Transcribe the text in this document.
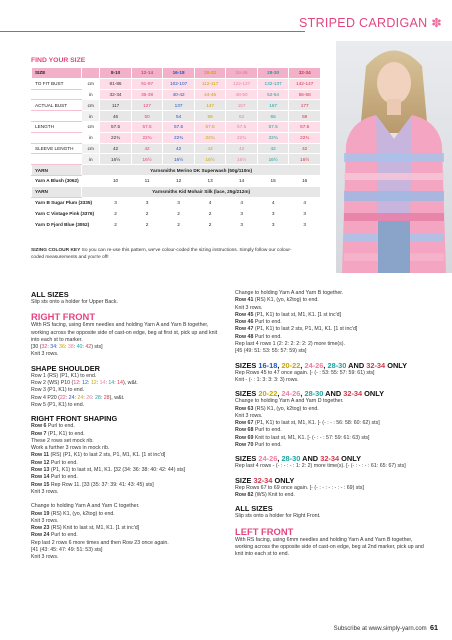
STRIPED CARDIGAN ✽
FIND YOUR SIZE
SIZE		8-10	12-14	16-18	20-22	24-26	28-30	32-34
TO FIT BUST	cm	81-86	91-97	102-107	112-117	122-127	132-137	142-147
	in	32-34	36-38	40-42	44-46	48-50	52-54	56-58
ACTUAL BUST	cm	117	127	137	147	157	167	177
	in	46	50	54	58	62	65	69
LENGTH	cm	57.5	57.5	57.5	57.5	57.5	57.5	57.5
	in	22¾	22¾	22¾	22¾	22¾	22¾	22¾
SLEEVE LENGTH	cm	42	42	42	42	42	42	42
	in	16½	16½	16½	16½	16½	16½	16½
YARN	Yarnsmiths Merino DK Superwash (50g/110m)							
Yarn A Blush (3062)		10	11	12	13	14	15	16
YARN	Yarnsmiths Kid Mohair Silk (lace, 25g/212m)							
Yarn B Sugar Plum (3335)		3	3	3	4	4	4	4
Yarn C Vintage Pink (3376)		2	2	2	2	3	3	3
Yarn D Fjord Blue (3052)		2	2	2	2	3	3	3
SIZING COLOUR KEY So you can re-use this pattern, we've colour-coded the sizing instructions. Simply follow our colour-coded measurements and you're off!
ALL SIZES

Slip sts onto a holder for Upper Back.

RIGHT FRONT

With RS facing, using 6mm needles and holding Yarn A and Yarn B together, working across the opposite side of cast-on edge, beg at first st, pick up and knit into each st to marker.

[30 (32: 34: 36: 38: 40: 42) sts]

Knit 3 rows.

SHAPE SHOULDER

Row 1 (RS) (P1, K1) to end.

Row 2 (WS) P10 (12: 12: 12: 14: 14: 14), w&t.

Row 3 (P1, K1) to end.

Row 4 P20 (22: 24: 24: 26: 28: 28), w&t.

Row 5 (P1, K1) to end.

RIGHT FRONT SHAPING

Row 6 Purl to end.

Row 7 (P1, K1) to end.

These 2 rows set mock rib.

Work a further 3 rows in mock rib.

Row 11 (RS) (P1, K1) to last 2 sts, P1, M1, K1. [1 st inc'd]

Row 12 Purl to end.

Row 13 (P1, K1) to last st, M1, K1. [32 (34: 36: 38: 40: 42: 44) sts]

Row 14 Purl to end.

Row 15 Rep Row 11. [33 (35: 37: 39: 41: 43: 45) sts]

Knit 3 rows.

Change to holding Yarn A and Yarn C together.

Row 19 (RS) K1, (yo, k2tog) to end.

Knit 3 rows.

Row 23 (RS) Knit to last st, M1, K1. [1 st inc'd]

Row 24 Purl to end.

Rep last 2 rows 6 more times and then Row 23 once again.

[41 (43: 45: 47: 49: 51: 53) sts]

Knit 3 rows.

Change to holding Yarn A and Yarn B together.

Row 41 (RS) K1, (yo, k2tog) to end.

Knit 3 rows.

Row 45 (P1, K1) to last st, M1, K1. [1 st inc'd]

Row 46 Purl to end.

Row 47 (P1, K1) to last 2 sts, P1, M1, K1. [1 st inc'd]

Row 48 Purl to end.

Rep last 4 rows 1 (2: 2: 2: 2: 2: 2) more time(s).

[45 (49: 51: 53: 55: 57: 59) sts]

SIZES 16-18, 20-22, 24-26, 28-30 AND 32-34 ONLY

Rep Rows 45 to 47 once again. [- (- : 53: 55: 57: 59: 61) sts]

Knit - (- : 1: 3: 3: 3: 3) rows.

SIZES 20-22, 24-26, 28-30 AND 32-34 ONLY

Change to holding Yarn A and Yarn D together.

Row 63 (RS) K1, (yo, k2tog) to end.

Knit 3 rows.

Row 67 (P1, K1) to last st, M1, K1. [- (- : - : 56: 58: 60: 62) sts]

Row 68 Purl to end.

Row 69 Knit to last st, M1, K1. [- (- : - : 57: 59: 61: 63) sts]

Row 70 Purl to end.

SIZES 24-26, 28-30 AND 32-34 ONLY

Rep last 4 rows - (- : - : - : 1: 2: 2) more time(s). [- (- : - : - : 61: 65: 67) sts]

SIZE 32-34 ONLY

Rep Rows 67 to 69 once again. [- (- : - : - : - : - : 69) sts]

Row 82 (WS) Knit to end.

ALL SIZES

Slip sts onto a holder for Right Front.

LEFT FRONT

With RS facing, using 6mm needles and holding Yarn A and Yarn B together, working across the opposite side of cast-on edge, beg at 2nd marker, pick up and knit into each st to end.

Subscribe at www.simply-yarn.com 61
